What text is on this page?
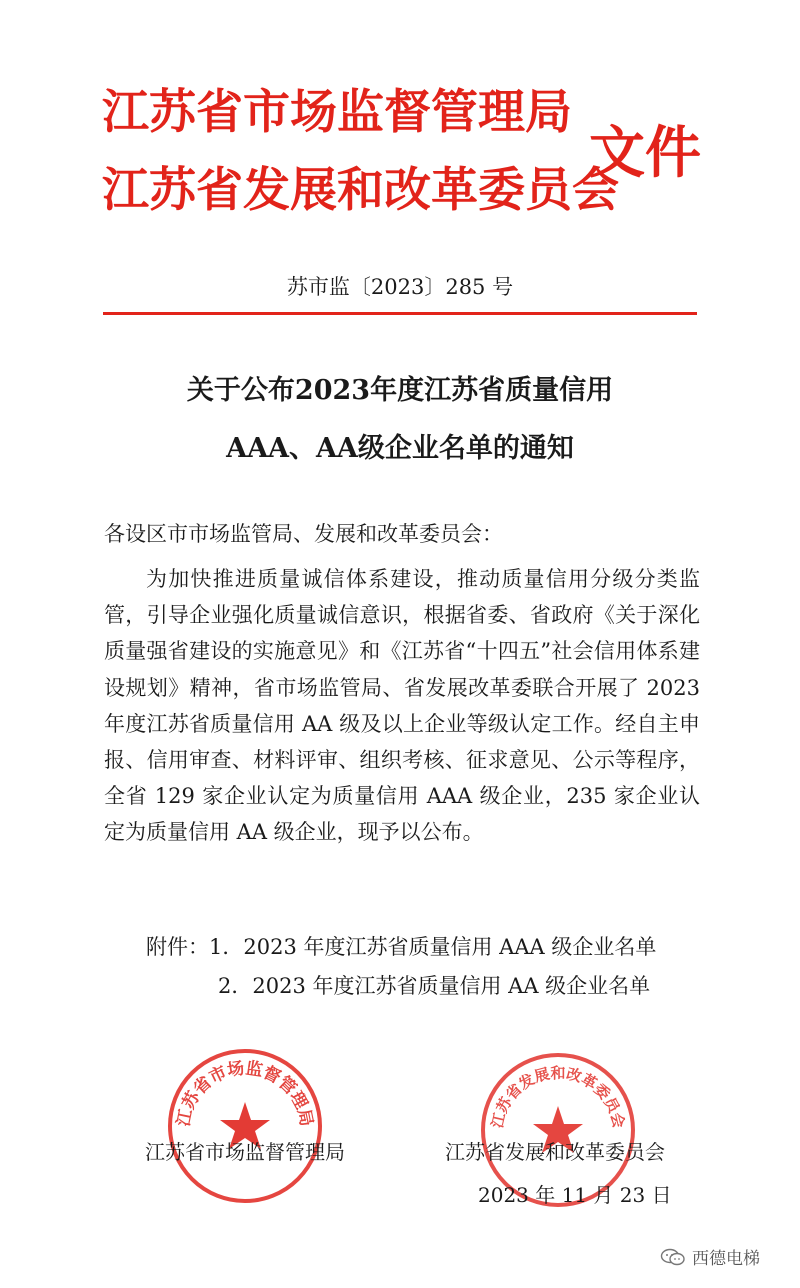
江苏省市场监督管理局
江苏省发展和改革委员会
文件
苏市监〔2023〕285 号
关于公布2023年度江苏省质量信用
AAA、AA级企业名单的通知
各设区市市场监管局、发展和改革委员会：

为加快推进质量诚信体系建设，推动质量信用分级分类监管，引导企业强化质量诚信意识，根据省委、省政府《关于深化质量强省建设的实施意见》和《江苏省“十四五”社会信用体系建设规划》精神，省市场监管局、省发展改革委联合开展了 2023 年度江苏省质量信用 AA 级及以上企业等级认定工作。经自主申报、信用审查、材料评审、组织考核、征求意见、公示等程序，全省 129 家企业认定为质量信用 AAA 级企业，235 家企业认定为质量信用 AA 级企业，现予以公布。

附件：1．2023 年度江苏省质量信用 AAA 级企业名单
2．2023 年度江苏省质量信用 AA 级企业名单
江苏省市场监督管理局	江苏省发展和改革委员会
江苏省市场监督管理局	江苏省发展和改革委员会
2023 年 11 月 23 日
西德电梯
